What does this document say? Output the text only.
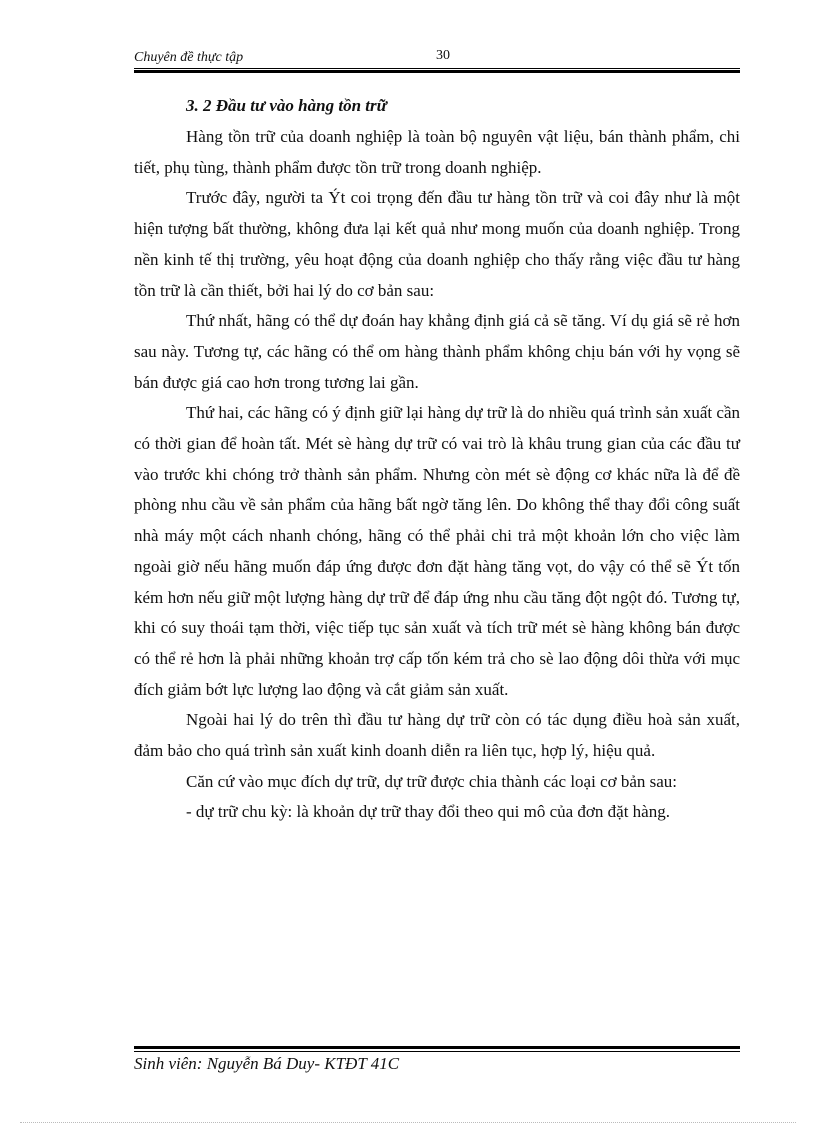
Chuyên đề thực tập	30
3. 2 Đầu tư vào hàng tồn trữ

Hàng tồn trữ của doanh nghiệp là toàn bộ nguyên vật liệu, bán thành phẩm, chi tiết, phụ tùng, thành phẩm được tồn trữ trong doanh nghiệp.

Trước đây, người ta Ýt coi trọng đến đầu tư hàng tồn trữ và coi đây như là một hiện tượng bất thường, không đưa lại kết quả như mong muốn của doanh nghiệp. Trong nền kinh tế thị trường, yêu hoạt động của doanh nghiệp cho thấy rằng việc đầu tư hàng tồn trữ là cần thiết, bởi hai lý do cơ bản sau:

Thứ nhất, hãng có thể dự đoán hay khẳng định giá cả sẽ tăng. Ví dụ giá sẽ rẻ hơn sau này. Tương tự, các hãng có thể om hàng thành phẩm không chịu bán với hy vọng sẽ bán được giá cao hơn trong tương lai gần.

Thứ hai, các hãng có ý định giữ lại hàng dự trữ là do nhiều quá trình sản xuất cần có thời gian để hoàn tất. Mét sè hàng dự trữ có vai trò là khâu trung gian của các đầu tư vào trước khi chóng trở thành sản phẩm. Nhưng còn mét sè động cơ khác nữa là để đề phòng nhu cầu về sản phẩm của hãng bất ngờ tăng lên. Do không thể thay đổi công suất nhà máy một cách nhanh chóng, hãng có thể phải chi trả một khoản lớn cho việc làm ngoài giờ nếu hãng muốn đáp ứng được đơn đặt hàng tăng vọt, do vậy có thể sẽ Ýt tốn kém hơn nếu giữ một lượng hàng dự trữ để đáp ứng nhu cầu tăng đột ngột đó. Tương tự, khi có suy thoái tạm thời, việc tiếp tục sản xuất và tích trữ mét sè hàng không bán được có thể rẻ hơn là phải những khoản trợ cấp tốn kém trả cho sè lao động dôi thừa với mục đích giảm bớt lực lượng lao động và cắt giảm sản xuất.

Ngoài hai lý do trên thì đầu tư hàng dự trữ còn có tác dụng điều hoà sản xuất, đảm bảo cho quá trình sản xuất kinh doanh diễn ra liên tục, hợp lý, hiệu quả.

Căn cứ vào mục đích dự trữ, dự trữ được chia thành các loại cơ bản sau:

- dự trữ chu kỳ: là khoản dự trữ thay đổi theo qui mô của đơn đặt hàng.

Sinh viên: Nguyễn Bá Duy- KTĐT 41C
